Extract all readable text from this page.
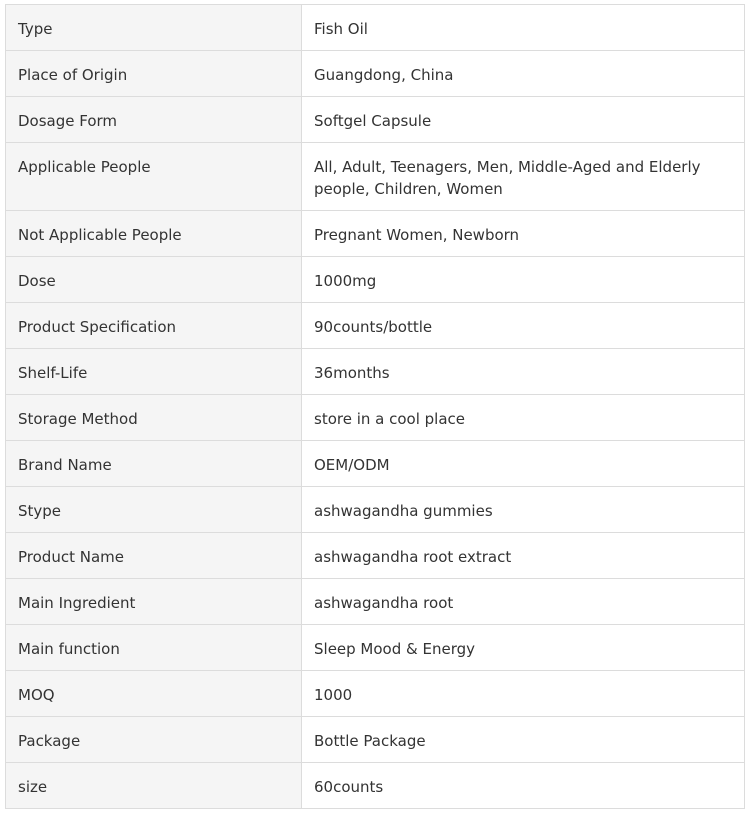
Type	Fish Oil
Place of Origin	Guangdong, China
Dosage Form	Softgel Capsule
Applicable People	All, Adult, Teenagers, Men, Middle-Aged and Elderly people, Children, Women
Not Applicable People	Pregnant Women, Newborn
Dose	1000mg
Product Specification	90counts/bottle
Shelf-Life	36months
Storage Method	store in a cool place
Brand Name	OEM/ODM
Stype	ashwagandha gummies
Product Name	ashwagandha root extract
Main Ingredient	ashwagandha root
Main function	Sleep Mood & Energy
MOQ	1000
Package	Bottle Package
size	60counts
